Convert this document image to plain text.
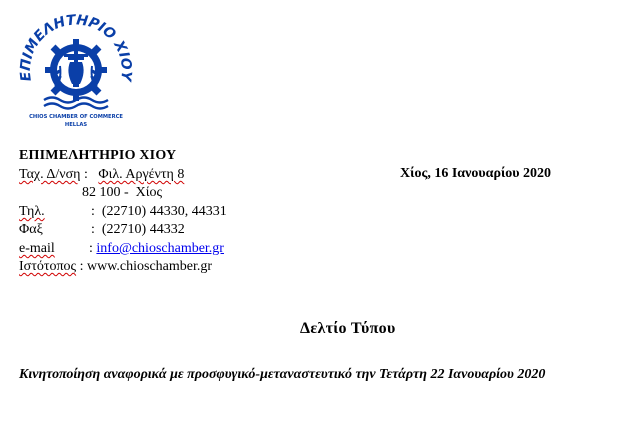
ΕΠΙΜΕΛΗΤΗΡΙΟ ΧΙΟΥ
CHIOS CHAMBER OF COMMERCE
HELLAS
ΕΠΙΜΕΛΗΤΗΡΙΟ ΧΙΟΥ
Χίος, 16 Ιανουαρίου 2020
Ταχ. Δ/νση :   Φιλ. Αργέντη 8
82 100 -  Χίος
Τηλ.	:  (22710) 44330, 44331
Φαξ	:  (22710) 44332
e-mail : info@chioschamber.gr
Ιστότοπος : www.chioschamber.gr
Δελτίο Τύπου
Κινητοποίηση αναφορικά με προσφυγικό-μεταναστευτικό την Τετάρτη 22 Ιανουαρίου 2020
